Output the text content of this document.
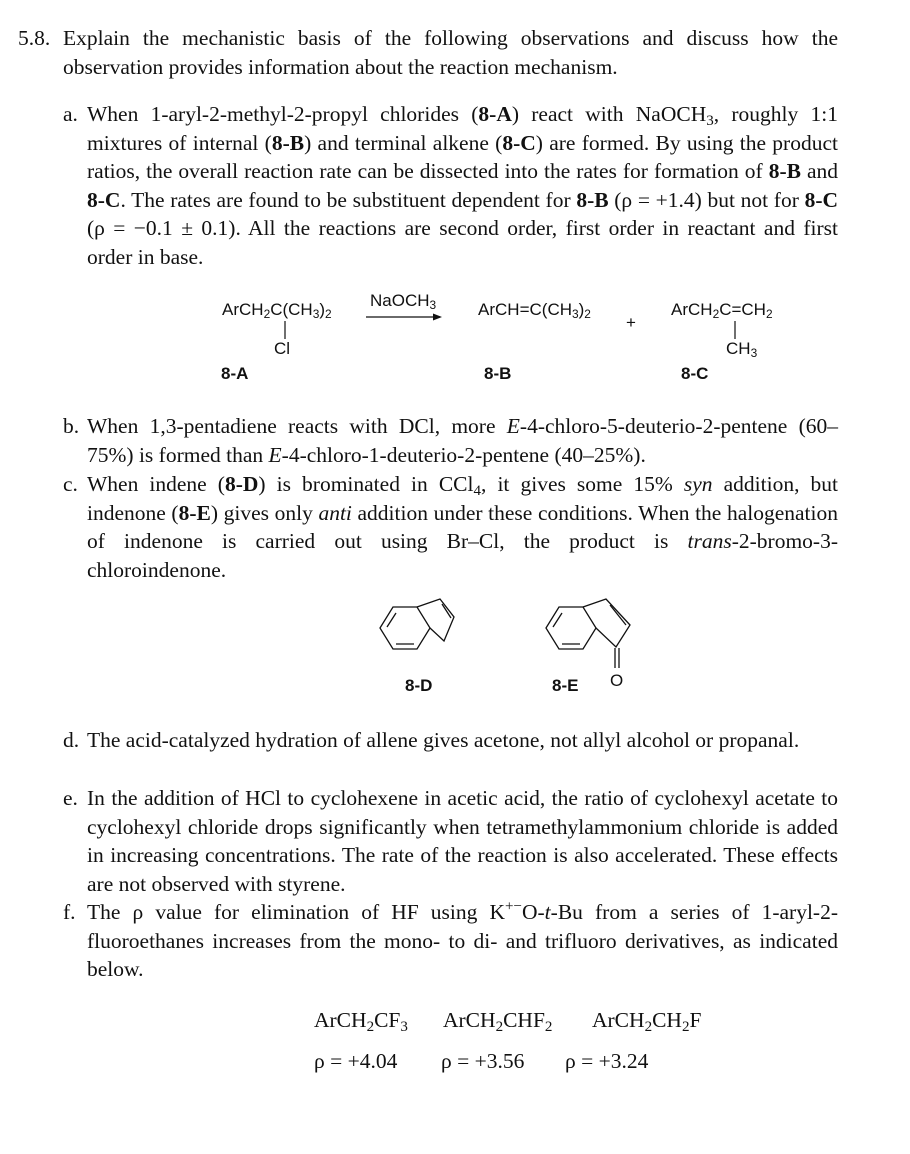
5.8. Explain the mechanistic basis of the following observations and discuss how the observation provides information about the reaction mechanism.
a. When 1-aryl-2-methyl-2-propyl chlorides (8-A) react with NaOCH$_3$, roughly 1:1 mixtures of internal (8-B) and terminal alkene (8-C) are formed. By using the product ratios, the overall reaction rate can be dissected into the rates for formation of 8-B and 8-C. The rates are found to be substituent dependent for 8-B (ρ = +1.4) but not for 8-C (ρ = −0.1 ± 0.1). All the reactions are second order, first order in reactant and first order in base.
$ArCH_2C(CH_3)_2$
Cl
NaOCH$_3$ $ArCH=C(CH_3)_2$ +
$ArCH_2C=CH_2$
$CH_3$
8-A	8-B	8-C
b. When 1,3-pentadiene reacts with DCl, more E-4-chloro-5-deuterio-2-pentene (60–75%) is formed than E-4-chloro-1-deuterio-2-pentene (40–25%).
c. When indene (8-D) is brominated in CCl$_4$, it gives some 15% syn addition, but indenone (8-E) gives only anti addition under these conditions. When the halogenation of indenone is carried out using Br–Cl, the product is trans-2-bromo-3-chloroindenone.
O
8-D	8-E
d. The acid-catalyzed hydration of allene gives acetone, not allyl alcohol or propanal.
e. In the addition of HCl to cyclohexene in acetic acid, the ratio of cyclohexyl acetate to cyclohexyl chloride drops significantly when tetramethylammonium chloride is added in increasing concentrations. The rate of the reaction is also accelerated. These effects are not observed with styrene.
f. The ρ value for elimination of HF using K+−O-t-Bu from a series of 1-aryl-2-fluoroethanes increases from the mono- to di- and trifluoro derivatives, as indicated below.
$ArCH_2CF_3$ $ArCH_2CHF_2$ $ArCH_2CH_2F$
ρ = +4.04 ρ = +3.56 ρ = +3.24
